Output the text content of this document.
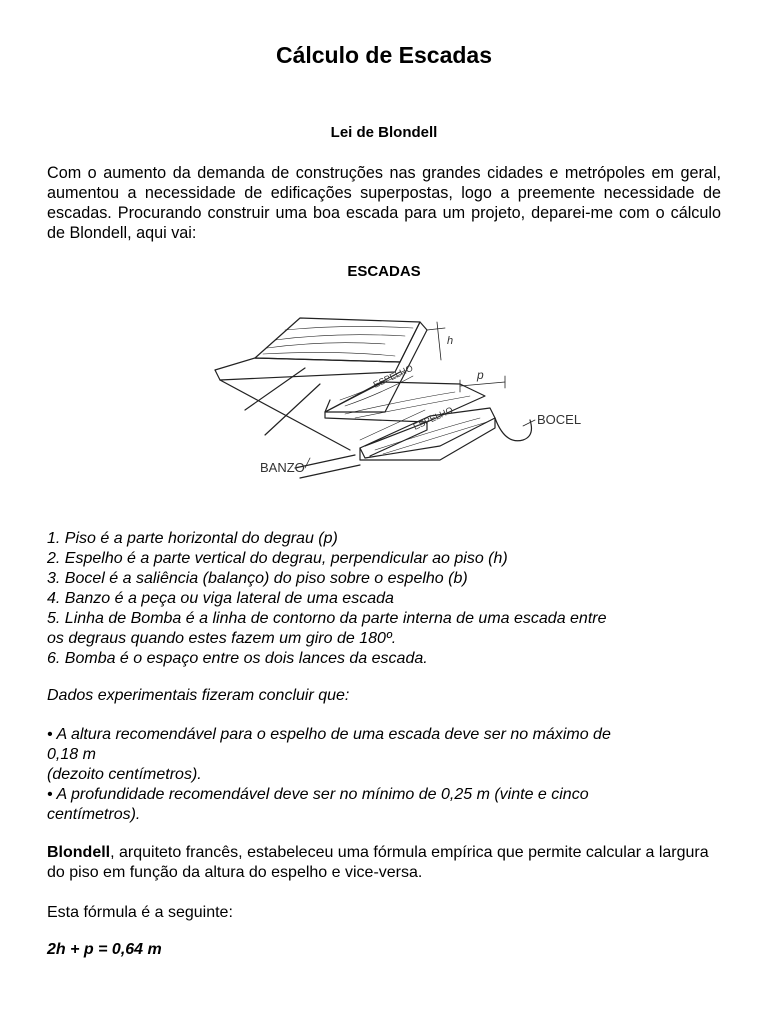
Cálculo de Escadas
Lei de Blondell

Com o aumento da demanda de construções nas grandes cidades e metrópoles em geral, aumentou a necessidade de edificações superpostas, logo a preemente necessidade de escadas. Procurando construir uma boa escada para um projeto, deparei-me com o cálculo de Blondell, aqui vai:

ESCADAS
ESPELHO
ESPELHO
p
h
BOCEL
BANZO
1. Piso é a parte horizontal do degrau (p)
2. Espelho é a parte vertical do degrau, perpendicular ao piso (h)
3. Bocel é a saliência (balanço) do piso sobre o espelho (b)
4. Banzo é a peça ou viga lateral de uma escada
5. Linha de Bomba é a linha de contorno da parte interna de uma escada entre
os degraus quando estes fazem um giro de 180º.
6. Bomba é o espaço entre os dois lances da escada.

Dados experimentais fizeram concluir que:

• A altura recomendável para o espelho de uma escada deve ser no máximo de
0,18 m
(dezoito centímetros).
• A profundidade recomendável deve ser no mínimo de 0,25 m (vinte e cinco
centímetros).

Blondell, arquiteto francês, estabeleceu uma fórmula empírica que permite calcular a largura do piso em função da altura do espelho e vice-versa.

Esta fórmula é a seguinte:

2h + p = 0,64 m
